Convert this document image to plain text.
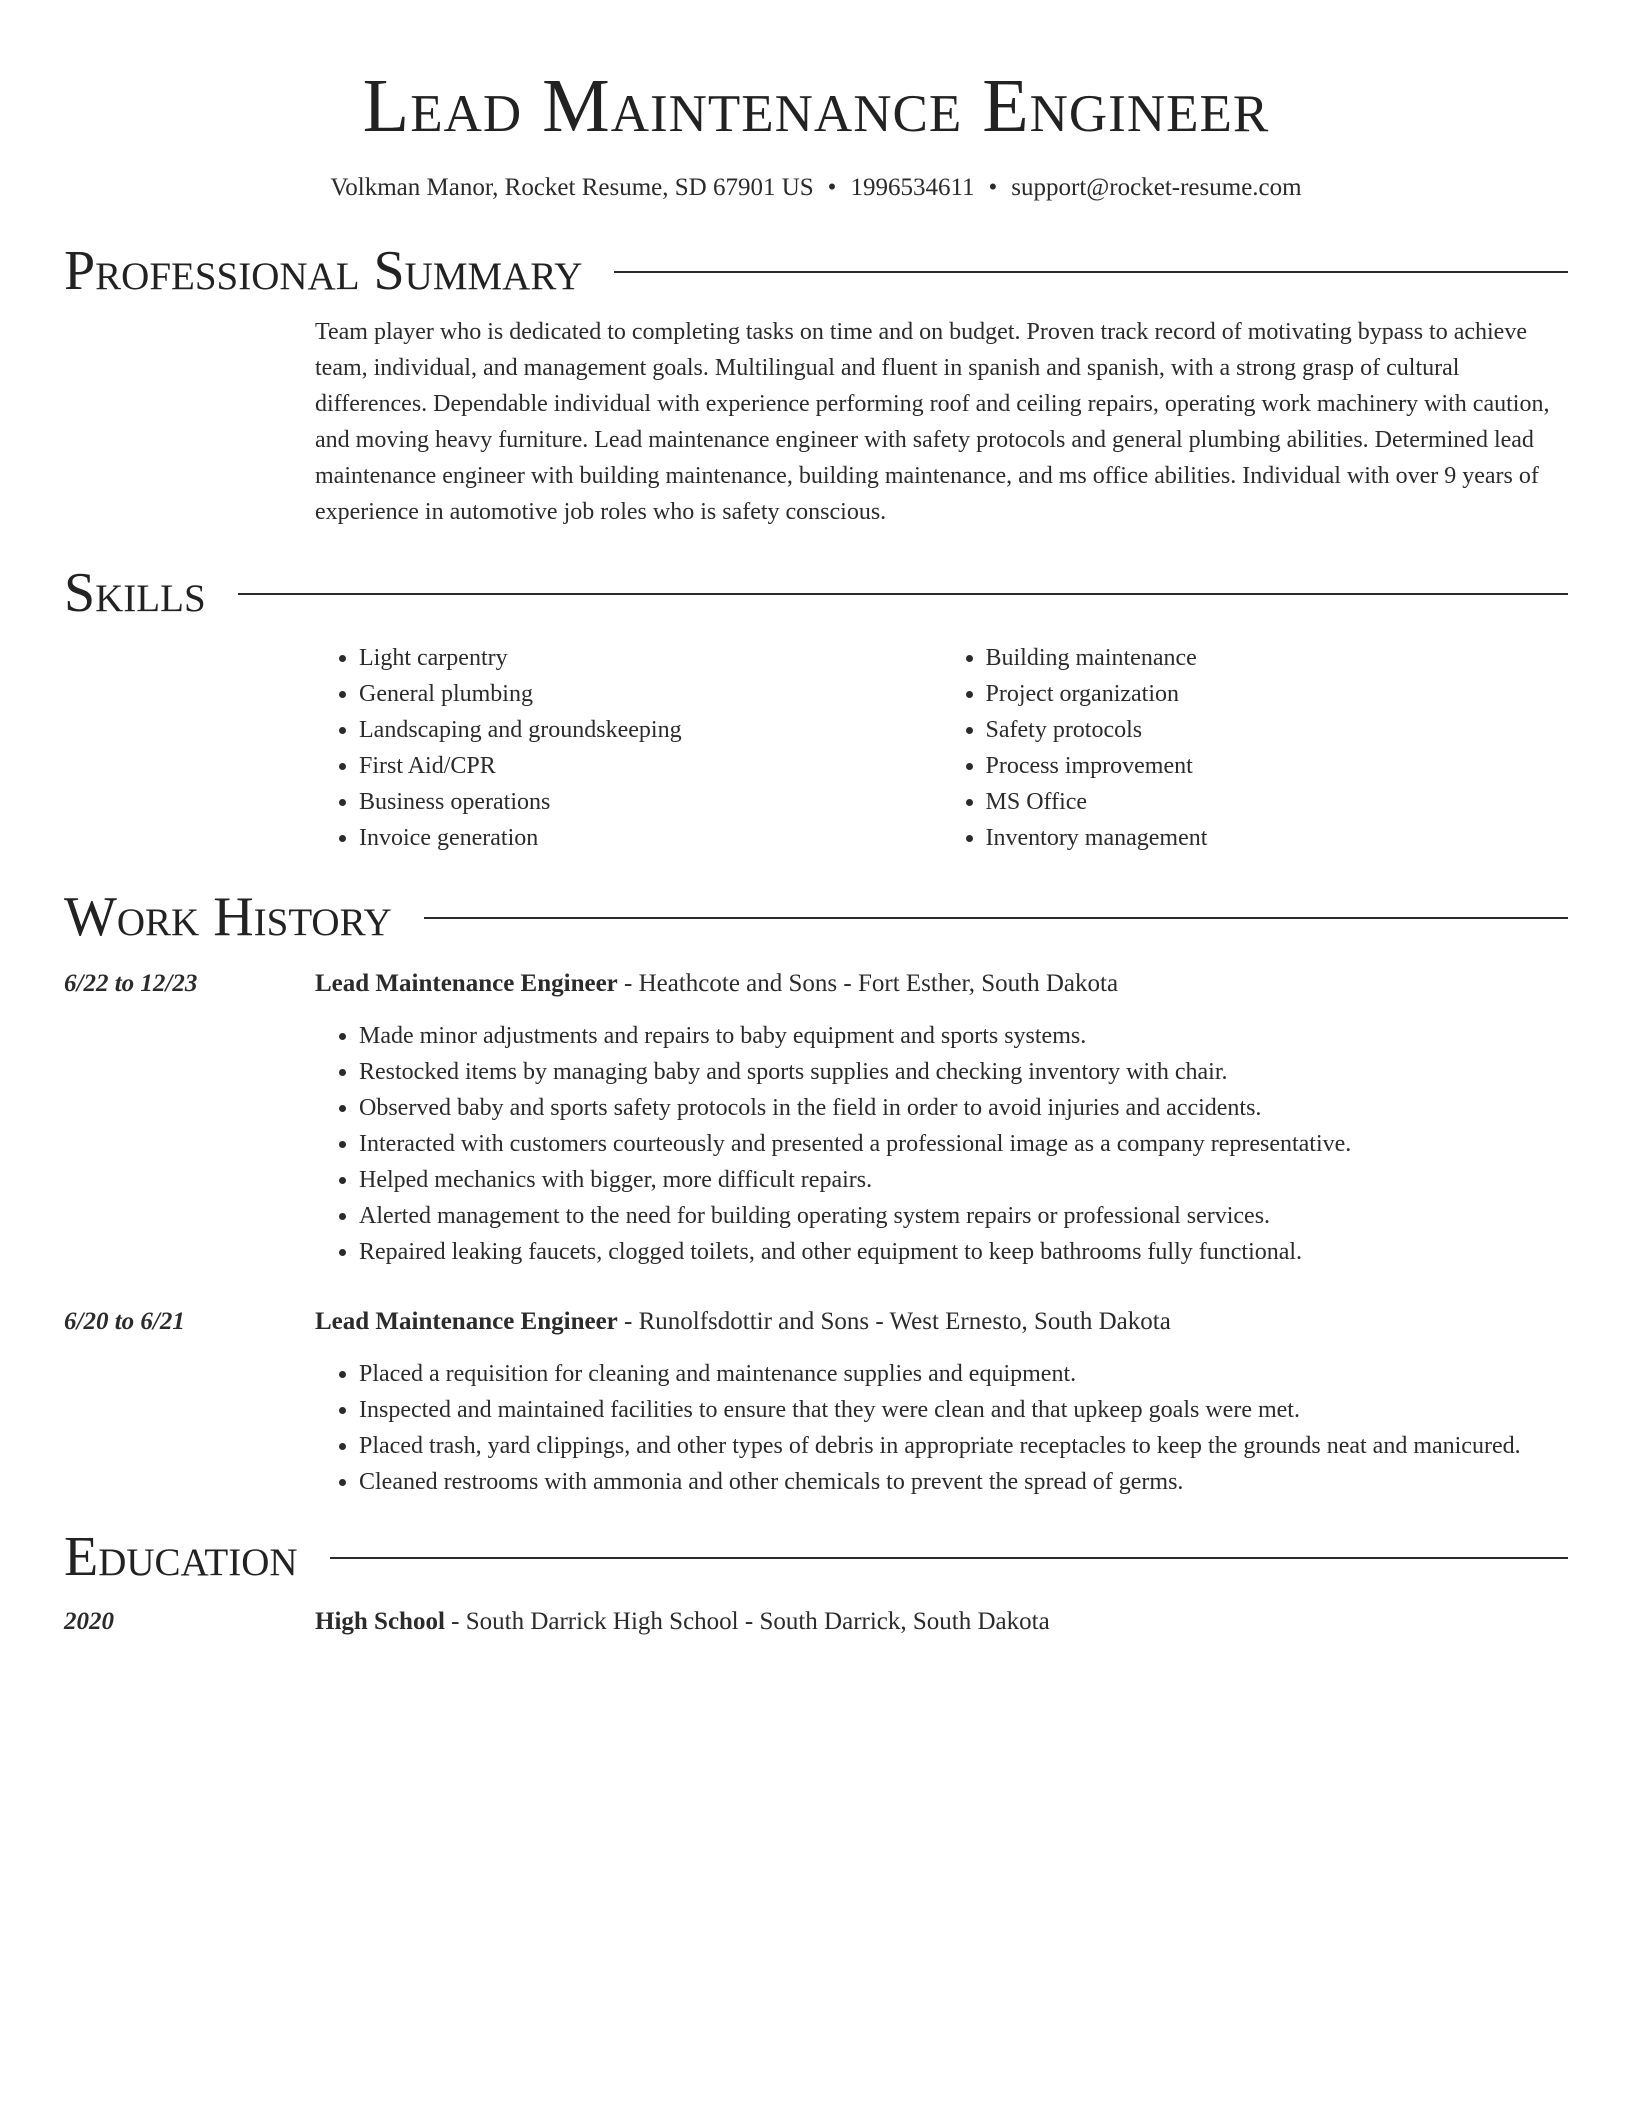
Lead Maintenance Engineer
Volkman Manor, Rocket Resume, SD 67901 US • 1996534611 • support@rocket-resume.com
Professional Summary

Team player who is dedicated to completing tasks on time and on budget. Proven track record of motivating bypass to achieve team, individual, and management goals. Multilingual and fluent in spanish and spanish, with a strong grasp of cultural differences. Dependable individual with experience performing roof and ceiling repairs, operating work machinery with caution, and moving heavy furniture. Lead maintenance engineer with safety protocols and general plumbing abilities. Determined lead maintenance engineer with building maintenance, building maintenance, and ms office abilities. Individual with over 9 years of experience in automotive job roles who is safety conscious.

Skills
• Light carpentry
• General plumbing
• Landscaping and groundskeeping
• First Aid/CPR
• Business operations
• Invoice generation
• Building maintenance
• Project organization
• Safety protocols
• Process improvement
• MS Office
• Inventory management
Work History
6/22 to 12/23	Lead Maintenance Engineer - Heathcote and Sons - Fort Esther, South Dakota
• Made minor adjustments and repairs to baby equipment and sports systems.
• Restocked items by managing baby and sports supplies and checking inventory with chair.
• Observed baby and sports safety protocols in the field in order to avoid injuries and accidents.
• Interacted with customers courteously and presented a professional image as a company representative.
• Helped mechanics with bigger, more difficult repairs.
• Alerted management to the need for building operating system repairs or professional services.
• Repaired leaking faucets, clogged toilets, and other equipment to keep bathrooms fully functional.
6/20 to 6/21	Lead Maintenance Engineer - Runolfsdottir and Sons - West Ernesto, South Dakota
• Placed a requisition for cleaning and maintenance supplies and equipment.
• Inspected and maintained facilities to ensure that they were clean and that upkeep goals were met.
• Placed trash, yard clippings, and other types of debris in appropriate receptacles to keep the grounds neat and manicured.
• Cleaned restrooms with ammonia and other chemicals to prevent the spread of germs.
Education
2020	High School - South Darrick High School - South Darrick, South Dakota
